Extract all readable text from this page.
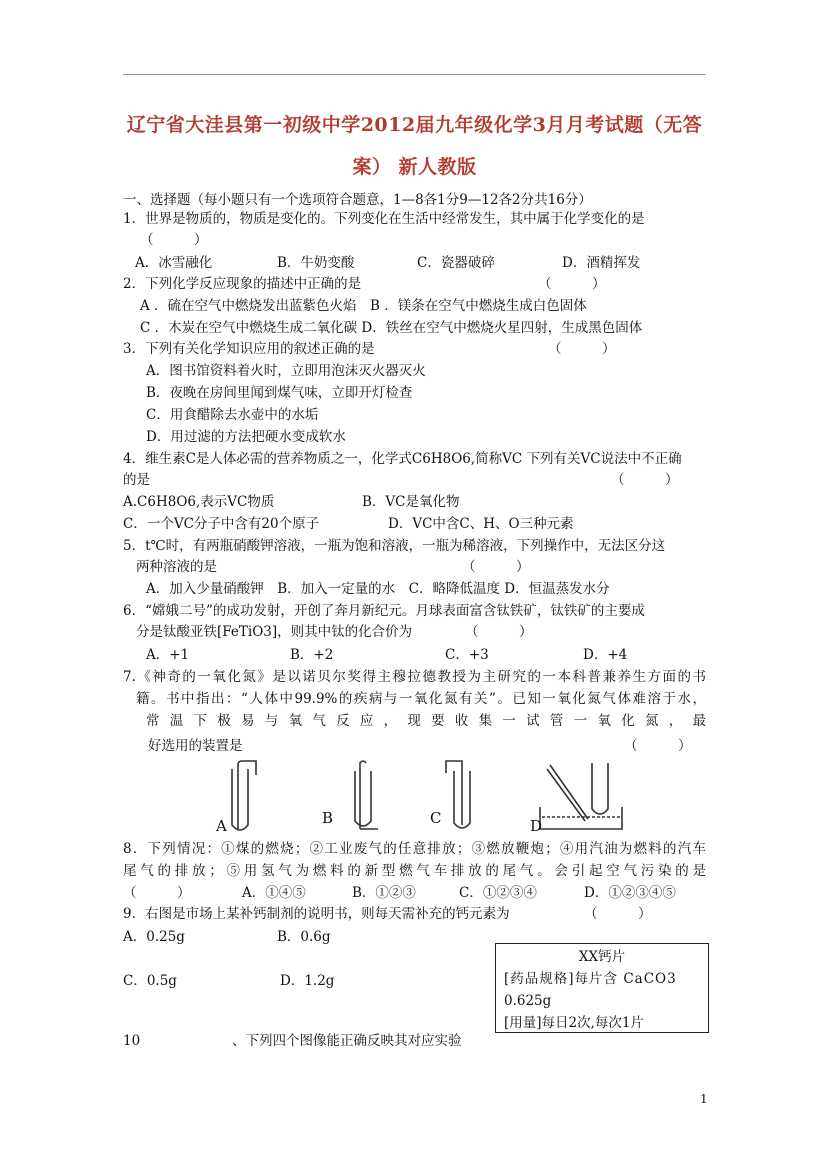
辽宁省大洼县第一初级中学2012届九年级化学3月月考试题（无答
案） 新人教版
一、选择题（每小题只有一个选项符合题意，1—8各1分9—12各2分共16分）
1．世界是物质的，物质是变化的。下列变化在生活中经常发生，其中属于化学变化的是
（　　　）
A．冰雪融化	B．牛奶变酸	C．瓷器破碎	D．酒精挥发
2．下列化学反应现象的描述中正确的是	（　　　）
A ．硫在空气中燃烧发出蓝紫色火焰　B ．镁条在空气中燃烧生成白色固体
C ．木炭在空气中燃烧生成二氧化碳 D．铁丝在空气中燃烧火星四射，生成黑色固体
3．下列有关化学知识应用的叙述正确的是	（　　　）
A．图书馆资料着火时，立即用泡沫灭火器灭火
B．夜晚在房间里闻到煤气味，立即开灯检查
C．用食醋除去水壶中的水垢
D．用过滤的方法把硬水变成软水
4．维生素C是人体必需的营养物质之一，化学式C6H8O6,简称VC 下列有关VC说法中不正确
的是	（　　　）
A.C6H8O6,表示VC物质	B．VC是氧化物
C．一个VC分子中含有20个原子	D．VC中含C、H、O三种元素
5．t℃时，有两瓶硝酸钾溶液，一瓶为饱和溶液，一瓶为稀溶液，下列操作中，无法区分这
两种溶液的是	（　　　）
A．加入少量硝酸钾　B．加入一定量的水　C．略降低温度 D．恒温蒸发水分
6．“嫦娥二号”的成功发射，开创了奔月新纪元。月球表面富含钛铁矿，钛铁矿的主要成
分是钛酸亚铁[FeTiO3]，则其中钛的化合价为	（　　　）
A．+1	B．+2	C．+3	D．+4
7.《神奇的一氧化氮》是以诺贝尔奖得主穆拉德教授为主研究的一本科普兼养生方面的书
籍。书中指出：“人体中99.9%的疾病与一氧化氮有关”。已知一氧化氮气体难溶于水，
常温下极易与氧气反应，现要收集一试管一氧化氮，最
好选用的装置是	（　　　）
A	B	C	D
8．下列情况：①煤的燃烧；②工业废气的任意排放；③燃放鞭炮；④用汽油为燃料的汽车
尾气的排放；⑤用氢气为燃料的新型燃气车排放的尾气。会引起空气污染的是
（　　　）	A．①④⑤	B．①②③	C．①②③④	D．①②③④⑤
9．右图是市场上某补钙制剂的说明书，则每天需补充的钙元素为	（　　　）
A．0.25g	B．0.6g
C．0.5g	D．1.2g
XX钙片
[药品规格]每片含 CaCO3
0.625g
[用量]每日2次,每次1片
10	、下列四个图像能正确反映其对应实验
1
